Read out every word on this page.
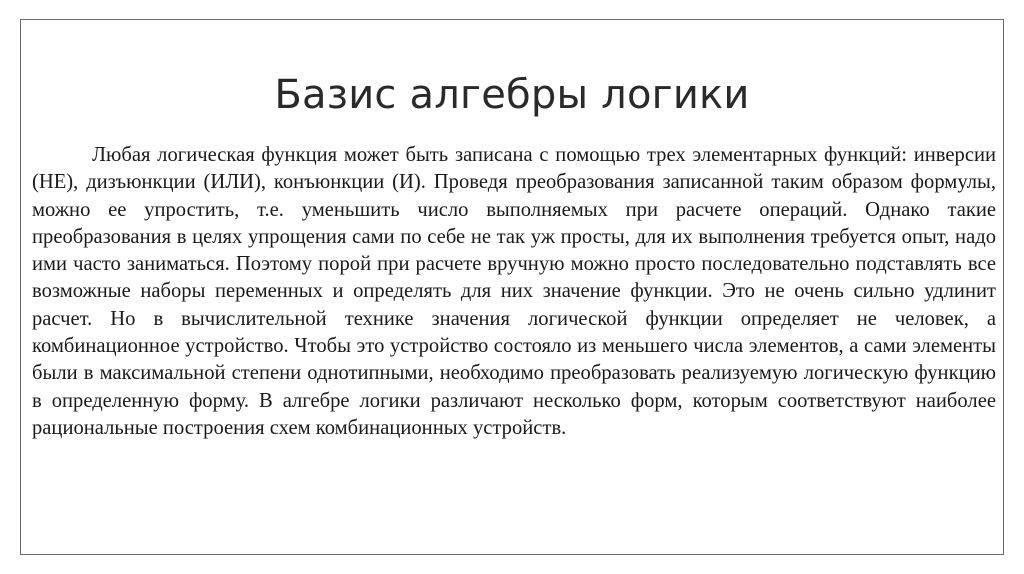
Базис алгебры логики

Любая логическая функция может быть записана с помощью трех элементарных функций: инверсии (НЕ), дизъюнкции (ИЛИ), конъюнкции (И). Проведя преобразования записанной таким образом формулы, можно ее упростить, т.е. уменьшить число выполняемых при расчете операций. Однако такие преобразования в целях упрощения сами по себе не так уж просты, для их выполнения требуется опыт, надо ими часто заниматься. Поэтому порой при расчете вручную можно просто последовательно подставлять все возможные наборы переменных и определять для них значение функции. Это не очень сильно удлинит расчет. Но в вычислительной технике значения логической функции определяет не человек, а комбинационное устройство. Чтобы это устройство состояло из меньшего числа элементов, а сами элементы были в максимальной степени однотипными, необходимо преобразовать реализуемую логическую функцию в определенную форму. В алгебре логики различают несколько форм, которым соответствуют наиболее рациональные построения схем комбинационных устройств.
